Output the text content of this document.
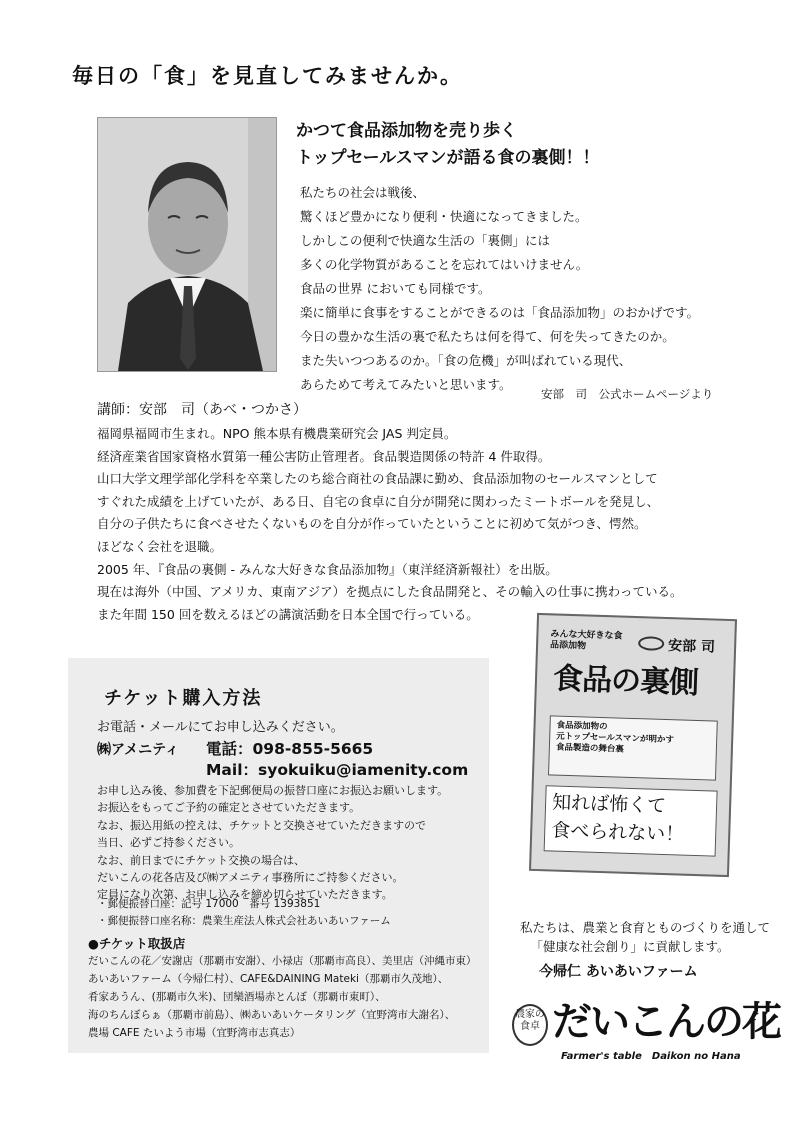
毎日の「食」を見直してみませんか。
かつて食品添加物を売り歩く
トップセールスマンが語る食の裏側！！
私たちの社会は戦後、
驚くほど豊かになり便利・快適になってきました。
しかしこの便利で快適な生活の「裏側」には
多くの化学物質があることを忘れてはいけません。
食品の世界 においても同様です。
楽に簡単に食事をすることができるのは「食品添加物」のおかげです。
今日の豊かな生活の裏で私たちは何を得て、何を失ってきたのか。
また失いつつあるのか。「食の危機」が叫ばれている現代、
あらためて考えてみたいと思います。
安部　司　公式ホームページより
講師：安部　司（あべ・つかさ）
福岡県福岡市生まれ。NPO 熊本県有機農業研究会 JAS 判定員。
経済産業省国家資格水質第一種公害防止管理者。食品製造関係の特許 4 件取得。
山口大学文理学部化学科を卒業したのち総合商社の食品課に勤め、食品添加物のセールスマンとして
すぐれた成績を上げていたが、ある日、自宅の食卓に自分が開発に関わったミートボールを発見し、
自分の子供たちに食べさせたくないものを自分が作っていたということに初めて気がつき、愕然。
ほどなく会社を退職。
2005 年、『食品の裏側 - みんな大好きな食品添加物』（東洋経済新報社）を出版。
現在は海外（中国、アメリカ、東南アジア）を拠点にした食品開発と、その輸入の仕事に携わっている。
また年間 150 回を数えるほどの講演活動を日本全国で行っている。
チケット購入方法
お電話・メールにてお申し込みください。
㈱アメニティ 電話：098-855-5665
Mail：syokuiku@iamenity.com
お申し込み後、参加費を下記郵便局の振替口座にお振込お願いします。
お振込をもってご予約の確定とさせていただきます。
なお、振込用紙の控えは、チケットと交換させていただきますので
当日、必ずご持参ください。
なお、前日までにチケット交換の場合は、
だいこんの花各店及び㈱アメニティ事務所にご持参ください。
定員になり次第、お申し込みを締め切らせていただきます。
・郵便振替口座：記号 17000　番号 1393851
・郵便振替口座名称：農業生産法人株式会社あいあいファーム
●チケット取扱店
だいこんの花／安謝店（那覇市安謝）、小禄店（那覇市高良）、美里店（沖縄市東）
あいあいファーム（今帰仁村）、CAFE&DAINING Mateki（那覇市久茂地）、
肴家あうん、(那覇市久米)、団欒酒場赤とんぼ（那覇市東町）、
海のちんぼらぁ（那覇市前島）、㈱あいあいケータリング（宜野湾市大謝名）、
農場 CAFE たいよう市場（宜野湾市志真志）
みんな大好きな食品添加物	安部 司
食品の裏側
食品添加物の
元トップセールスマンが明かす
食品製造の舞台裏
知れば怖くて
食べられない！
私たちは、農業と食育とものづくりを通して
「健康な社会創り」に貢献します。
今帰仁 あいあいファーム
農家の
食卓 だいこんの花
Farmer's table　Daikon no Hana
